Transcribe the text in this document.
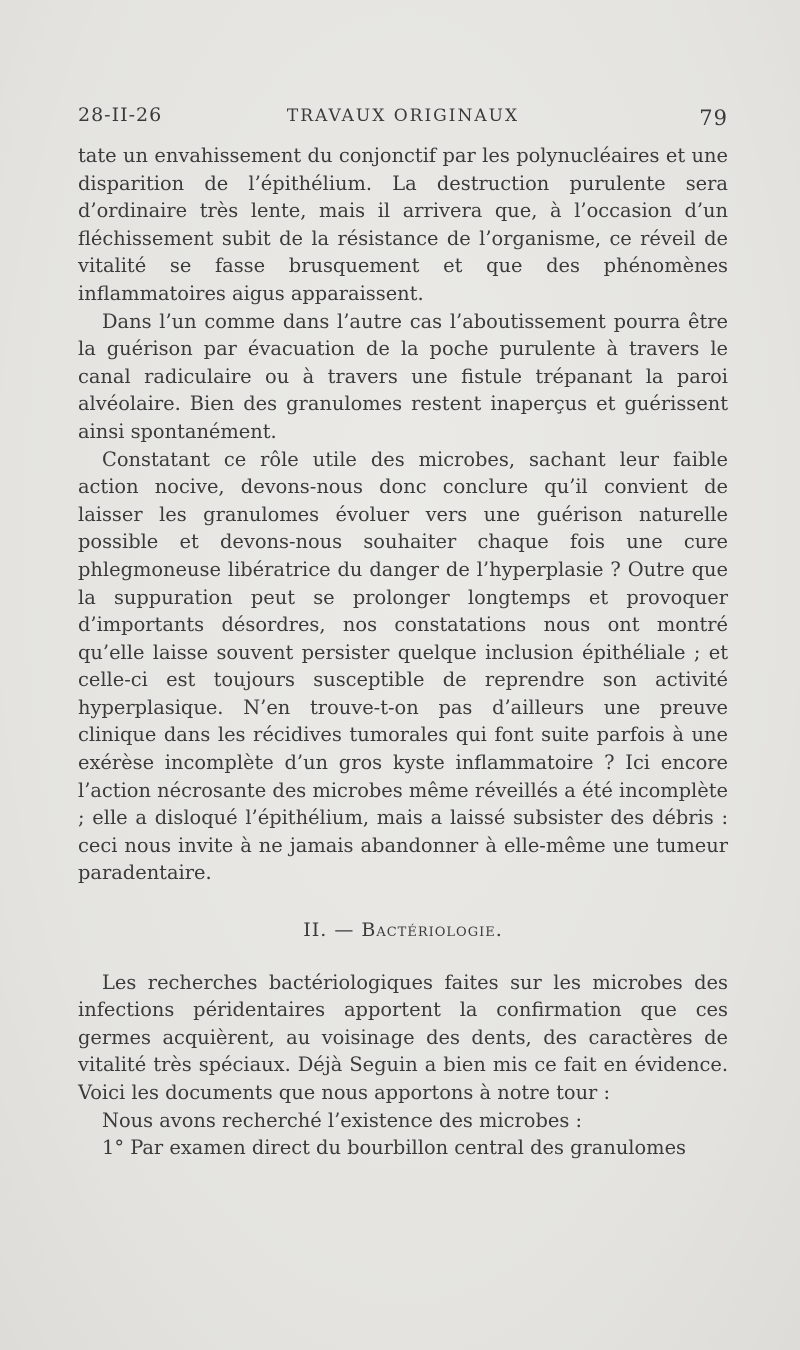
28-II-26	TRAVAUX ORIGINAUX	79

tate un envahissement du conjonctif par les polynucléaires et une disparition de l’épithélium. La destruction purulente sera d’ordinaire très lente, mais il arrivera que, à l’occasion d’un fléchissement subit de la résistance de l’organisme, ce réveil de vitalité se fasse brusquement et que des phénomènes inflammatoires aigus apparaissent.

Dans l’un comme dans l’autre cas l’aboutissement pourra être la guérison par évacuation de la poche purulente à travers le canal radiculaire ou à travers une fistule trépanant la paroi alvéolaire. Bien des granulomes restent inaperçus et guérissent ainsi spontanément.

Constatant ce rôle utile des microbes, sachant leur faible action nocive, devons-nous donc conclure qu’il convient de laisser les granulomes évoluer vers une guérison naturelle possible et devons-nous souhaiter chaque fois une cure phlegmoneuse libératrice du danger de l’hyperplasie ? Outre que la suppuration peut se prolonger longtemps et provoquer d’importants désordres, nos constatations nous ont montré qu’elle laisse souvent persister quelque inclusion épithéliale ; et celle-ci est toujours susceptible de reprendre son activité hyperplasique. N’en trouve-t-on pas d’ailleurs une preuve clinique dans les récidives tumorales qui font suite parfois à une exérèse incomplète d’un gros kyste inflammatoire ? Ici encore l’action nécrosante des microbes même réveillés a été incomplète ; elle a disloqué l’épithélium, mais a laissé subsister des débris : ceci nous invite à ne jamais abandonner à elle-même une tumeur paradentaire.

II. — Bactériologie.

Les recherches bactériologiques faites sur les microbes des infections péridentaires apportent la confirmation que ces germes acquièrent, au voisinage des dents, des caractères de vitalité très spéciaux. Déjà Seguin a bien mis ce fait en évidence. Voici les documents que nous apportons à notre tour :

Nous avons recherché l’existence des microbes :

1° Par examen direct du bourbillon central des granulomes
